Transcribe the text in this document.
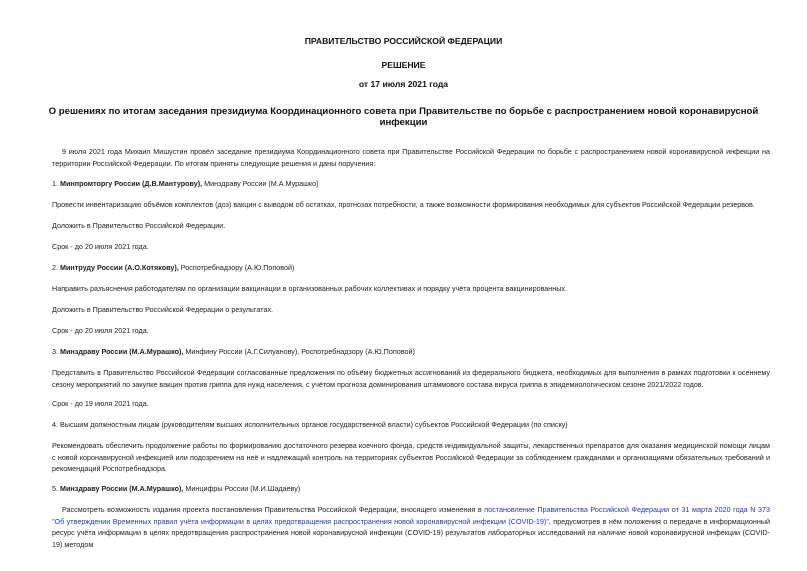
ПРАВИТЕЛЬСТВО РОССИЙСКОЙ ФЕДЕРАЦИИ
РЕШЕНИЕ
от 17 июля 2021 года
О решениях по итогам заседания президиума Координационного совета при Правительстве по борьбе с распространением новой коронавирусной инфекции

9 июля 2021 года Михаил Мишустин провёл заседание президиума Координационного совета при Правительстве Российской Федерации по борьбе с распространением новой коронавирусной инфекции на территории Российской Федерации. По итогам приняты следующие решения и даны поручения:

1. Минпромторгу России (Д.В.Мантурову), Минздраву России (М.А.Мурашко)

Провести инвентаризацию объёмов комплектов (доз) вакцин с выводом об остатках, прогнозах потребности, а также возможности формирования необходимых для субъектов Российской Федерации резервов.

Доложить в Правительство Российской Федерации.

Срок - до 20 июля 2021 года.

2. Минтруду России (А.О.Котякову), Роспотребнадзору (А.Ю.Поповой)

Направить разъяснения работодателям по организации вакцинации в организованных рабочих коллективах и порядку учёта процента вакцинированных.

Доложить в Правительство Российской Федерации о результатах.

Срок - до 20 июля 2021 года.

3. Минздраву России (М.А.Мурашко), Минфину России (А.Г.Силуанову), Роспотребнадзору (А.Ю.Поповой)

Представить в Правительство Российской Федерации согласованные предложения по объёму бюджетных ассигнований из федерального бюджета, необходимых для выполнения в рамках подготовки к осеннему сезону мероприятий по закупке вакцин против гриппа для нужд населения, с учётом прогноза доминирования штаммового состава вируса гриппа в эпидемиологическом сезоне 2021/2022 годов.

Срок - до 19 июля 2021 года.

4. Высшим должностным лицам (руководителям высших исполнительных органов государственной власти) субъектов Российской Федерации (по списку)

Рекомендовать обеспечить продолжение работы по формированию достаточного резерва коечного фонда, средств индивидуальной защиты, лекарственных препаратов для оказания медицинской помощи лицам с новой коронавирусной инфекцией или подозрением на неё и надлежащий контроль на территориях субъектов Российской Федерации за соблюдением гражданами и организациями обязательных требований и рекомендаций Роспотребнадзора.

5. Минздраву России (М.А.Мурашко), Минцифры России (М.И.Шадаеву)

Рассмотреть возможность издания проекта постановления Правительства Российской Федерации, вносящего изменения в постановление Правительства Российской Федерации от 31 марта 2020 года N 373 "Об утверждении Временных правил учёта информации в целях предотвращения распространения новой коронавирусной инфекции (COVID-19)", предусмотрев в нём положения о передаче в информационный ресурс учёта информации в целях предотвращения распространения новой коронавирусной инфекции (COVID-19) результатов лабораторных исследований на наличие новой коронавирусной инфекции (COVID-19) методом
